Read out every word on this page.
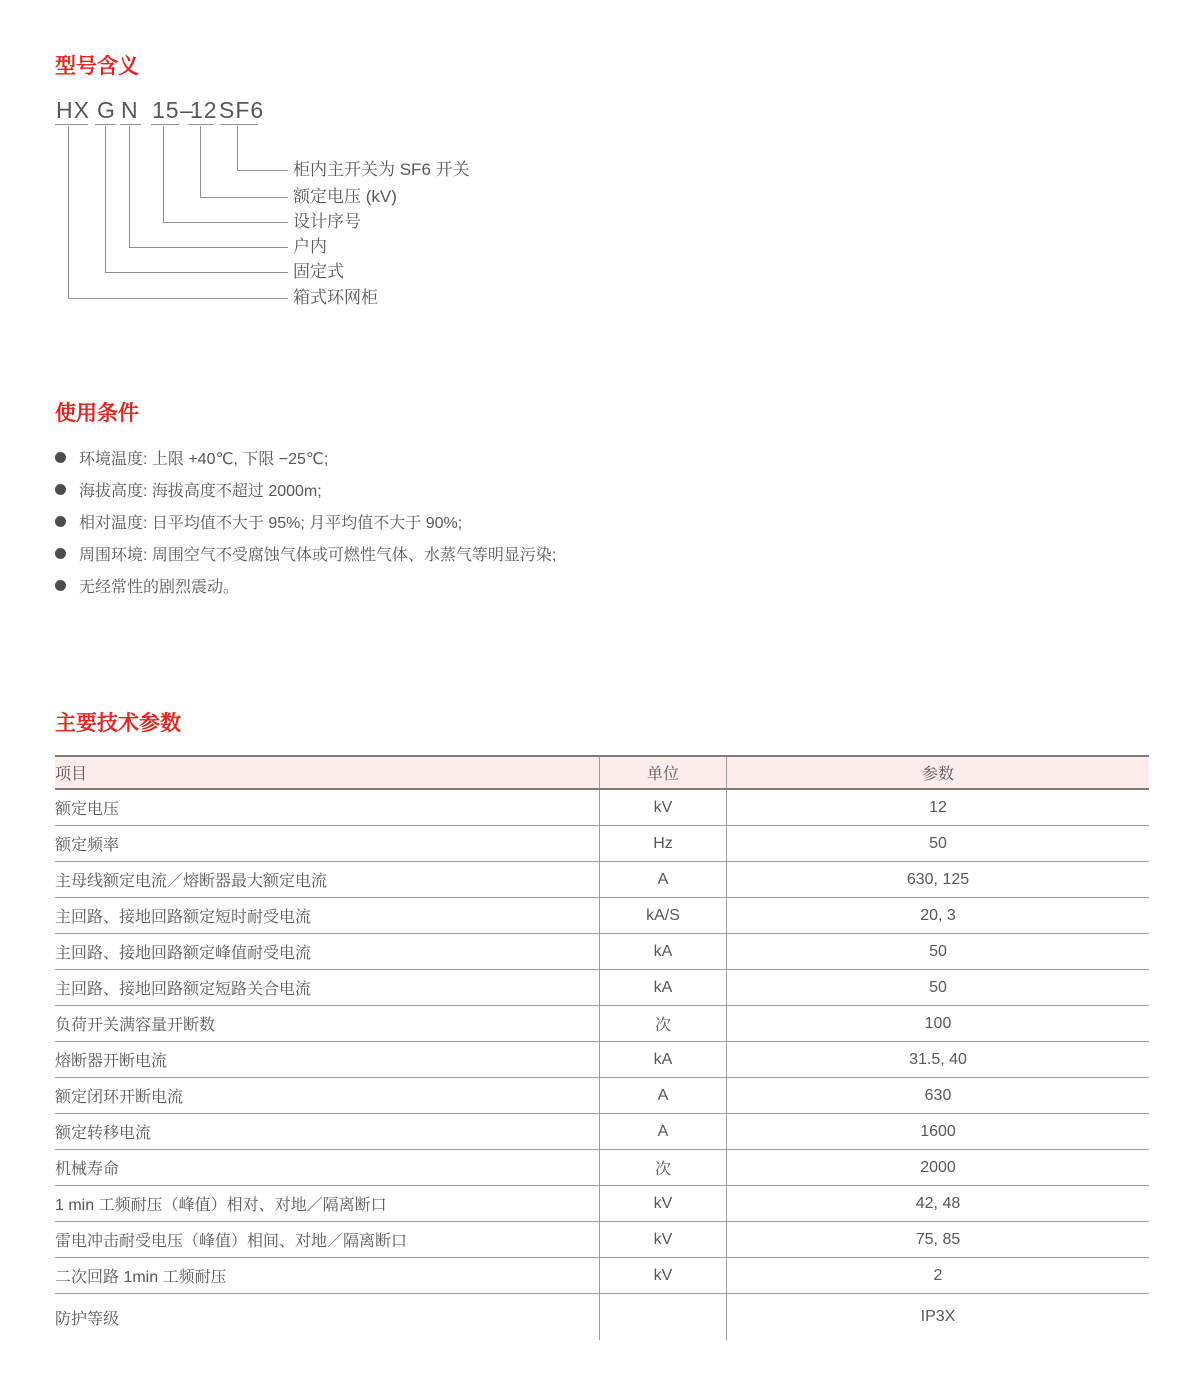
型号含义
HX G N 15 –
12 SF6
柜内主开关为 SF6 开关
额定电压 (kV)
设计序号
户内
固定式
箱式环网柜
使用条件
环境温度: 上限 +40℃, 下限 −25℃;
海拔高度: 海拔高度不超过 2000m;
相对温度: 日平均值不大于 95%; 月平均值不大于 90%;
周围环境: 周围空气不受腐蚀气体或可燃性气体、水蒸气等明显污染;
无经常性的剧烈震动。
主要技术参数
项目	单位	参数
额定电压	kV	12
额定频率	Hz	50
主母线额定电流／熔断器最大额定电流	A	630, 125
主回路、接地回路额定短时耐受电流	kA/S	20, 3
主回路、接地回路额定峰值耐受电流	kA	50
主回路、接地回路额定短路关合电流	kA	50
负荷开关满容量开断数	次	100
熔断器开断电流	kA	31.5, 40
额定闭环开断电流	A	630
额定转移电流	A	1600
机械寿命	次	2000
1 min 工频耐压（峰值）相对、对地／隔离断口	kV	42, 48
雷电冲击耐受电压（峰值）相间、对地／隔离断口	kV	75, 85
二次回路 1min 工频耐压	kV	2
防护等级		IP3X
